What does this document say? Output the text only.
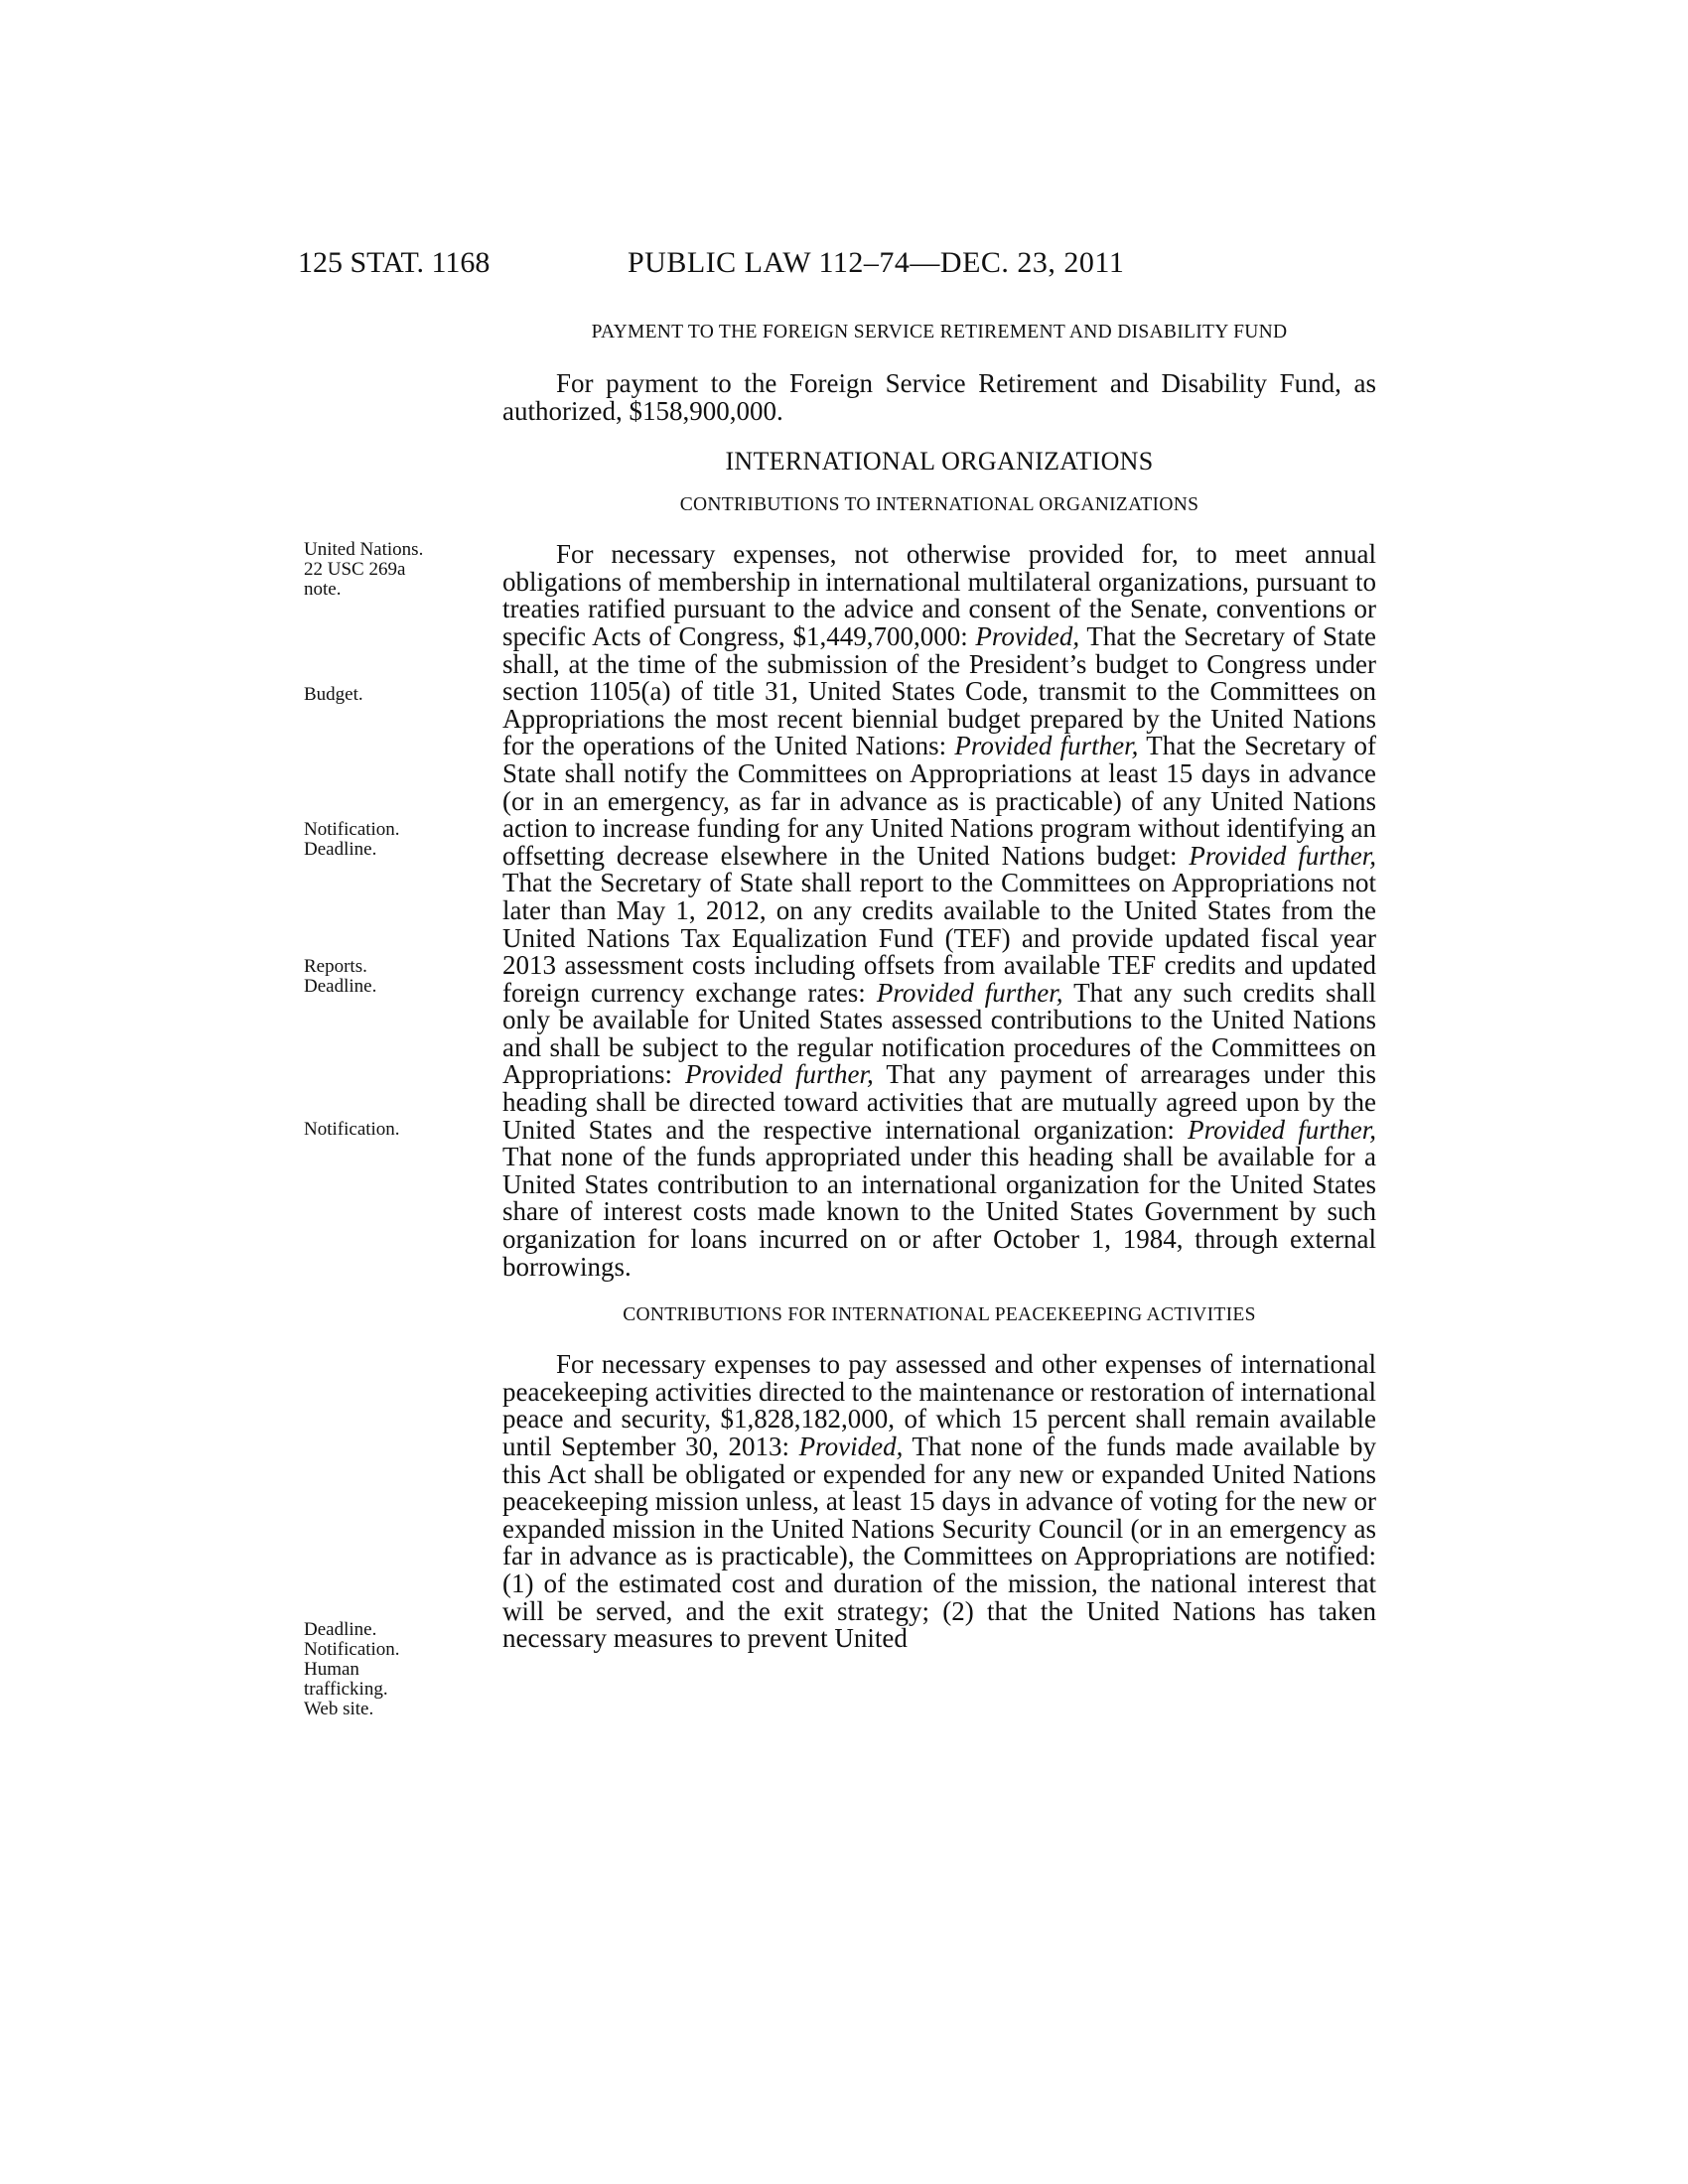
125 STAT. 1168	PUBLIC LAW 112–74—DEC. 23, 2011
United Nations.
22 USC 269a
note.
Budget.
Notification.
Deadline.
Reports.
Deadline.
Notification.
Deadline.
Notification.
Human
trafficking.
Web site.

PAYMENT TO THE FOREIGN SERVICE RETIREMENT AND DISABILITY FUND

For payment to the Foreign Service Retirement and Disability Fund, as authorized, $158,900,000.

INTERNATIONAL ORGANIZATIONS

CONTRIBUTIONS TO INTERNATIONAL ORGANIZATIONS

For necessary expenses, not otherwise provided for, to meet annual obligations of membership in international multilateral organizations, pursuant to treaties ratified pursuant to the advice and consent of the Senate, conventions or specific Acts of Congress, $1,449,700,000: Provided, That the Secretary of State shall, at the time of the submission of the President’s budget to Congress under section 1105(a) of title 31, United States Code, transmit to the Committees on Appropriations the most recent biennial budget prepared by the United Nations for the operations of the United Nations: Provided further, That the Secretary of State shall notify the Committees on Appropriations at least 15 days in advance (or in an emergency, as far in advance as is practicable) of any United Nations action to increase funding for any United Nations program without identifying an offsetting decrease elsewhere in the United Nations budget: Provided further, That the Secretary of State shall report to the Committees on Appropriations not later than May 1, 2012, on any credits available to the United States from the United Nations Tax Equalization Fund (TEF) and provide updated fiscal year 2013 assessment costs including offsets from available TEF credits and updated foreign currency exchange rates: Provided further, That any such credits shall only be available for United States assessed contributions to the United Nations and shall be subject to the regular notification procedures of the Committees on Appropriations: Provided further, That any payment of arrearages under this heading shall be directed toward activities that are mutually agreed upon by the United States and the respective international organization: Provided further, That none of the funds appropriated under this heading shall be available for a United States contribution to an international organization for the United States share of interest costs made known to the United States Government by such organization for loans incurred on or after October 1, 1984, through external borrowings.

CONTRIBUTIONS FOR INTERNATIONAL PEACEKEEPING ACTIVITIES

For necessary expenses to pay assessed and other expenses of international peacekeeping activities directed to the maintenance or restoration of international peace and security, $1,828,182,000, of which 15 percent shall remain available until September 30, 2013: Provided, That none of the funds made available by this Act shall be obligated or expended for any new or expanded United Nations peacekeeping mission unless, at least 15 days in advance of voting for the new or expanded mission in the United Nations Security Council (or in an emergency as far in advance as is practicable), the Committees on Appropriations are notified: (1) of the estimated cost and duration of the mission, the national interest that will be served, and the exit strategy; (2) that the United Nations has taken necessary measures to prevent United
